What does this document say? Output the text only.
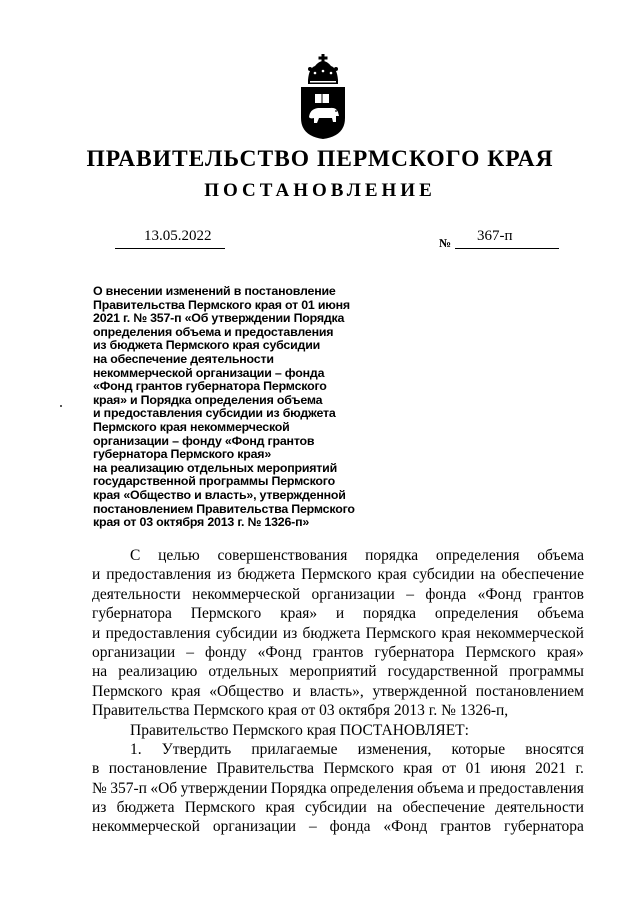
ПРАВИТЕЛЬСТВО ПЕРМСКОГО КРАЯ
ПОСТАНОВЛЕНИЕ
13.05.2022	№ 367-п
О внесении изменений в постановление
Правительства Пермского края от 01 июня
2021 г. № 357-п «Об утверждении Порядка
определения объема и предоставления
из бюджета Пермского края субсидии
на обеспечение деятельности
некоммерческой организации – фонда
«Фонд грантов губернатора Пермского
края» и Порядка определения объема
и предоставления субсидии из бюджета
Пермского края некоммерческой
организации – фонду «Фонд грантов
губернатора Пермского края»
на реализацию отдельных мероприятий
государственной программы Пермского
края «Общество и власть», утвержденной
постановлением Правительства Пермского
края от 03 октября 2013 г. № 1326-п»
С целью совершенствования порядка определения объема
и предоставления из бюджета Пермского края субсидии на обеспечение
деятельности некоммерческой организации – фонда «Фонд грантов
губернатора Пермского края» и порядка определения объема
и предоставления субсидии из бюджета Пермского края некоммерческой
организации – фонду «Фонд грантов губернатора Пермского края»
на реализацию отдельных мероприятий государственной программы
Пермского края «Общество и власть», утвержденной постановлением
Правительства Пермского края от 03 октября 2013 г. № 1326-п,
Правительство Пермского края ПОСТАНОВЛЯЕТ:
1. Утвердить прилагаемые изменения, которые вносятся
в постановление Правительства Пермского края от 01 июня 2021 г.
№ 357-п «Об утверждении Порядка определения объема и предоставления
из бюджета Пермского края субсидии на обеспечение деятельности
некоммерческой организации – фонда «Фонд грантов губернатора
